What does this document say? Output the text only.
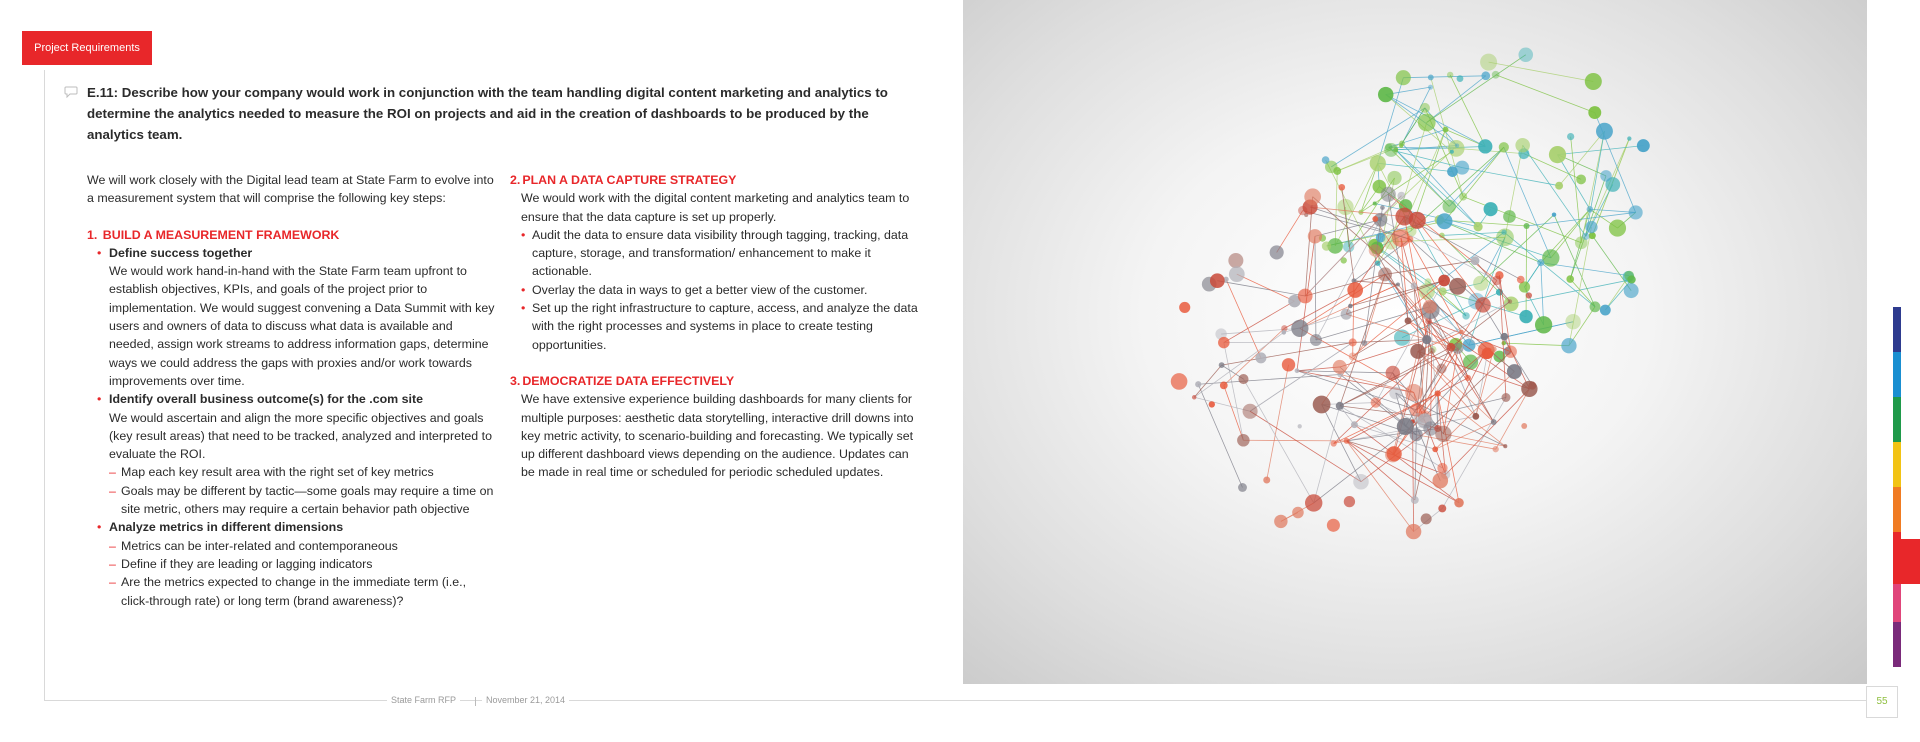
Project Requirements
E.11: Describe how your company would work in conjunction with the team handling digital content marketing and analytics to determine the analytics needed to measure the ROI on projects and aid in the creation of dashboards to be produced by the analytics team.

We will work closely with the Digital lead team at State Farm to evolve into a measurement system that will comprise the following key steps:

1. BUILD A MEASUREMENT FRAMEWORK

• Define success together
We would work hand-in-hand with the State Farm team upfront to establish objectives, KPIs, and goals of the project prior to implementation. We would suggest convening a Data Summit with key users and owners of data to discuss what data is available and needed, assign work streams to address information gaps, determine ways we could address the gaps with proxies and/or work towards improvements over time.
• Identify overall business outcome(s) for the .com site
We would ascertain and align the more specific objectives and goals (key result areas) that need to be tracked, analyzed and interpreted to evaluate the ROI.
– Map each key result area with the right set of key metrics
– Goals may be different by tactic—some goals may require a time on site metric, others may require a certain behavior path objective
• Analyze metrics in different dimensions
– Metrics can be inter-related and contemporaneous
– Define if they are leading or lagging indicators
– Are the metrics expected to change in the immediate term (i.e., click-through rate) or long term (brand awareness)?

2. PLAN A DATA CAPTURE STRATEGY

We would work with the digital content marketing and analytics team to ensure that the data capture is set up properly.
• Audit the data to ensure data visibility through tagging, tracking, data capture, storage, and transformation/ enhancement to make it actionable.
• Overlay the data in ways to get a better view of the customer.
• Set up the right infrastructure to capture, access, and analyze the data with the right processes and systems in place to create testing opportunities.

3. DEMOCRATIZE DATA EFFECTIVELY

We have extensive experience building dashboards for many clients for multiple purposes: aesthetic data storytelling, interactive drill downs into key metric activity, to scenario-building and forecasting. We typically set up different dashboard views depending on the audience. Updates can be made in real time or scheduled for periodic scheduled updates.
State Farm RFP	November 21, 2014	55
